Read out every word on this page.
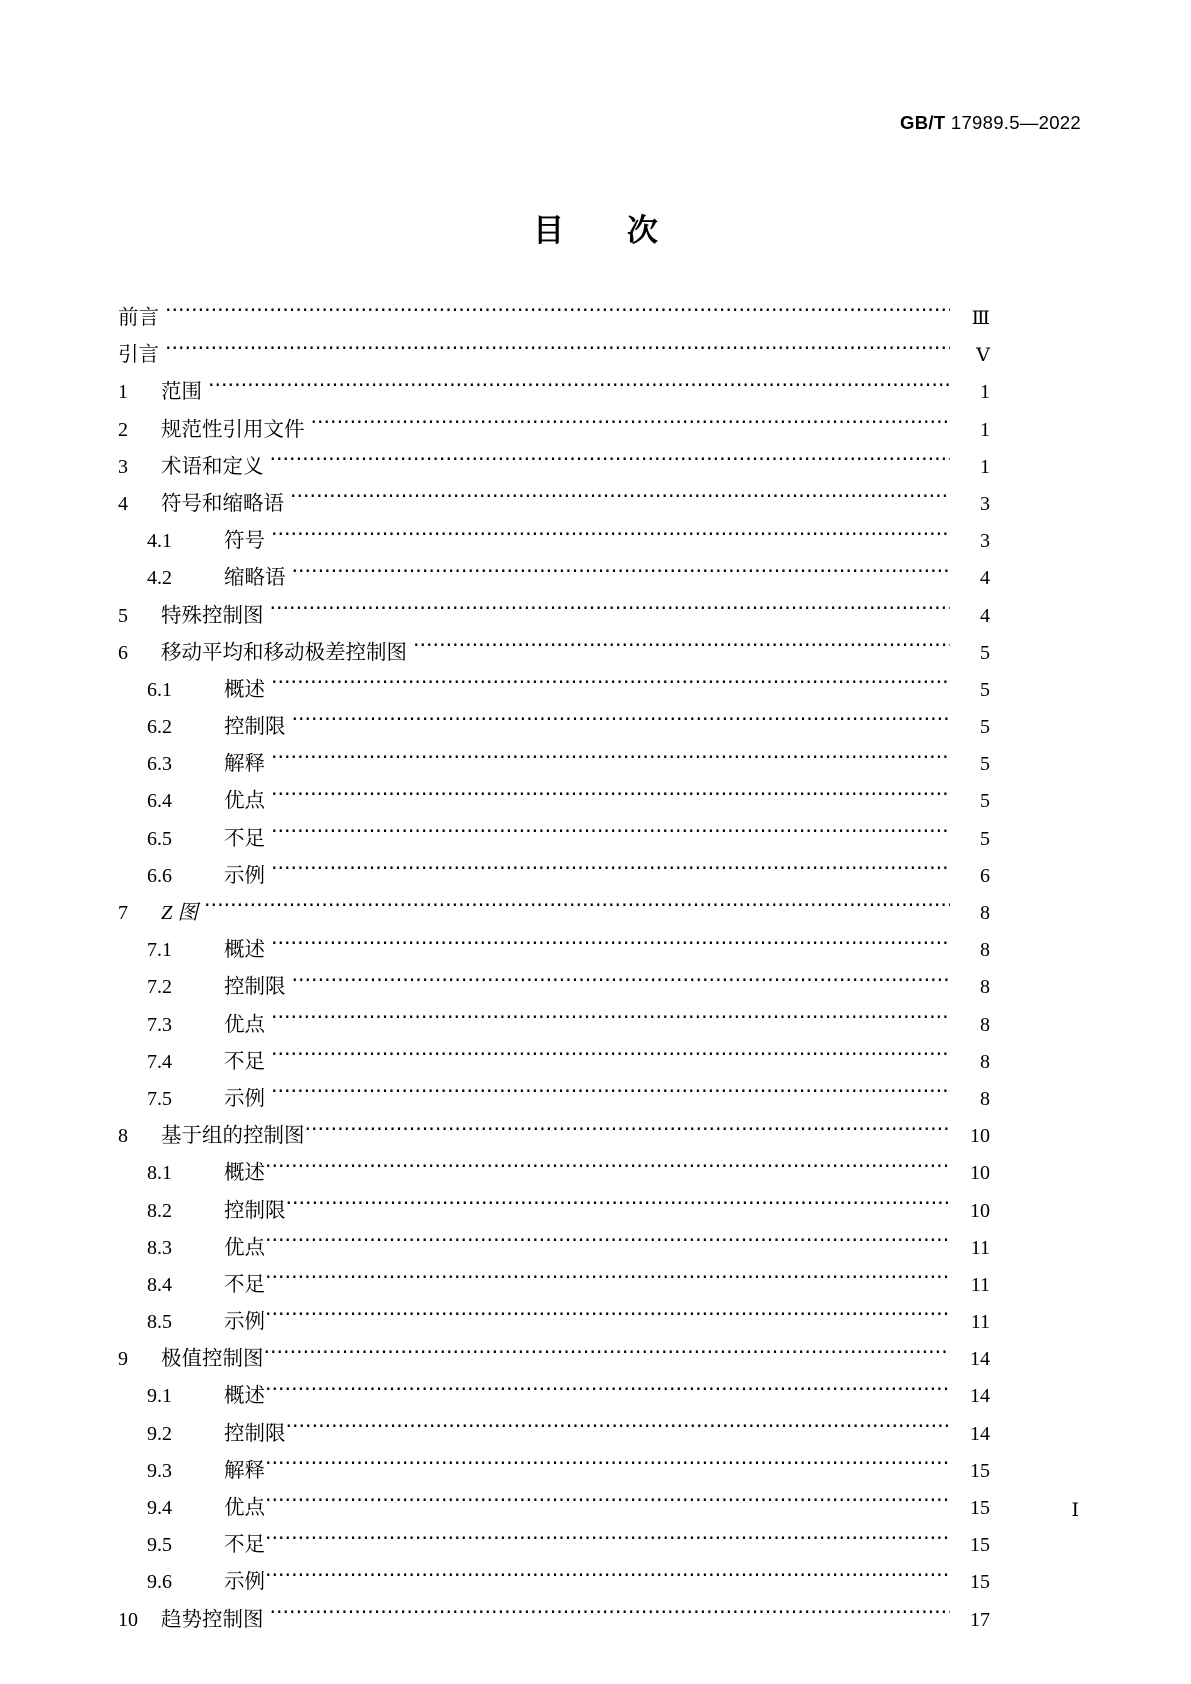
GB/T 17989.5—2022
目 次
前言 ·····	Ⅲ
引言 ·····	Ⅴ
1	范围 ·····	1
2	规范性引用文件 ·····	1
3	术语和定义 ·····	1
4	符号和缩略语 ·····	3
4.1	符号 ·····	3
4.2	缩略语 ·····	4
5	特殊控制图 ·····	4
6	移动平均和移动极差控制图 ·····	5
6.1	概述 ·····	5
6.2	控制限 ·····	5
6.3	解释 ·····	5
6.4	优点 ·····	5
6.5	不足 ·····	5
6.6	示例 ·····	6
7	Z 图 ·····	8
7.1	概述 ·····	8
7.2	控制限 ·····	8
7.3	优点 ·····	8
7.4	不足 ·····	8
7.5	示例 ·····	8
8	基于组的控制图 ·····	10
8.1	概述 ·····	10
8.2	控制限 ·····	10
8.3	优点 ·····	11
8.4	不足 ·····	11
8.5	示例 ·····	11
9	极值控制图 ·····	14
9.1	概述 ·····	14
9.2	控制限 ·····	14
9.3	解释 ·····	15
9.4	优点 ·····	15
9.5	不足 ·····	15
9.6	示例 ·····	15
10 趋势控制图 ·····	17
Ⅰ
